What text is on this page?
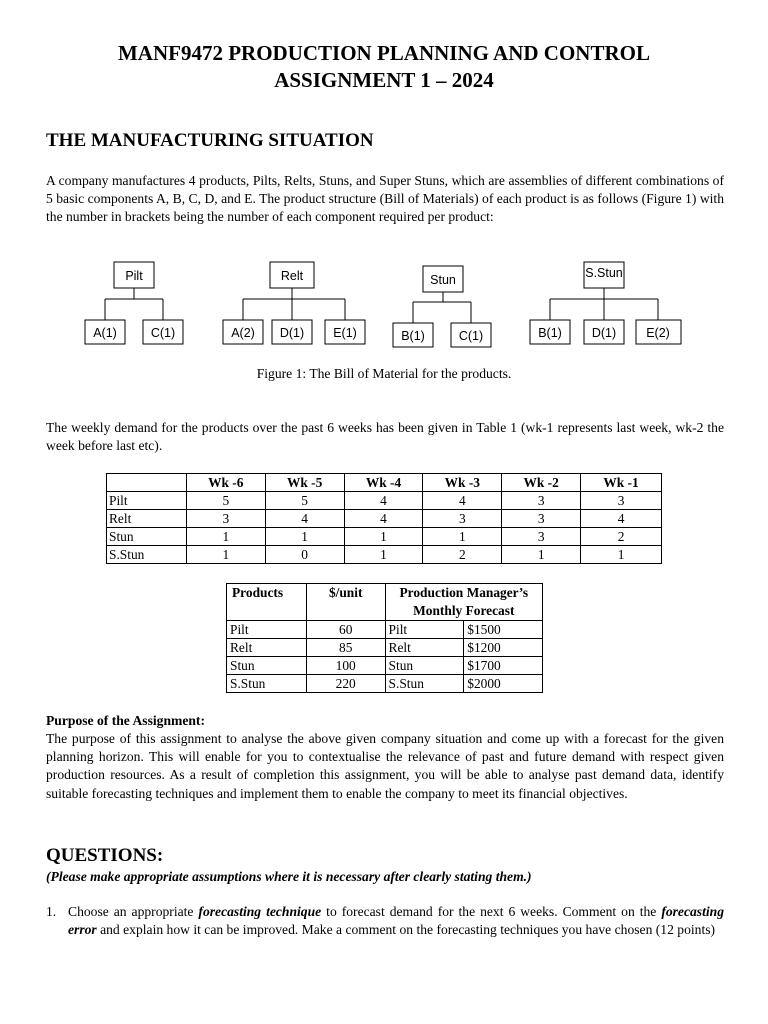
MANF9472 PRODUCTION PLANNING AND CONTROL
ASSIGNMENT 1 – 2024
THE MANUFACTURING SITUATION
A company manufactures 4 products, Pilts, Relts, Stuns, and Super Stuns, which are assemblies of different combinations of 5 basic components A, B, C, D, and E. The product structure (Bill of Materials) of each product is as follows (Figure 1) with the number in brackets being the number of each component required per product:
Pilt
A(1)	C(1)
Relt
A(2) D(1) E(1)
Stun
B(1)	C(1)
S.Stun
B(1) D(1) E(2)
Figure 1: The Bill of Material for the products.
The weekly demand for the products over the past 6 weeks has been given in Table 1 (wk-1 represents last week, wk-2 the week before last etc).
	Wk -6	Wk -5	Wk -4	Wk -3	Wk -2	Wk -1
Pilt	5	5	4	4	3	3
Relt	3	4	4	3	3	4
Stun	1	1	1	1	3	2
S.Stun	1	0	1	2	1	1
Products	$/unit	Production Manager’s Monthly Forecast	
Pilt	60	Pilt	$1500
Relt	85	Relt	$1200
Stun	100	Stun	$1700
S.Stun	220	S.Stun	$2000
Purpose of the Assignment:
The purpose of this assignment to analyse the above given company situation and come up with a forecast for the given planning horizon. This will enable for you to contextualise the relevance of past and future demand with respect given production resources. As a result of completion this assignment, you will be able to analyse past demand data, identify suitable forecasting techniques and implement them to enable the company to meet its financial objectives.
QUESTIONS:
(Please make appropriate assumptions where it is necessary after clearly stating them.)
1. Choose an appropriate forecasting technique to forecast demand for the next 6 weeks. Comment on the forecasting error and explain how it can be improved. Make a comment on the forecasting techniques you have chosen (12 points)
